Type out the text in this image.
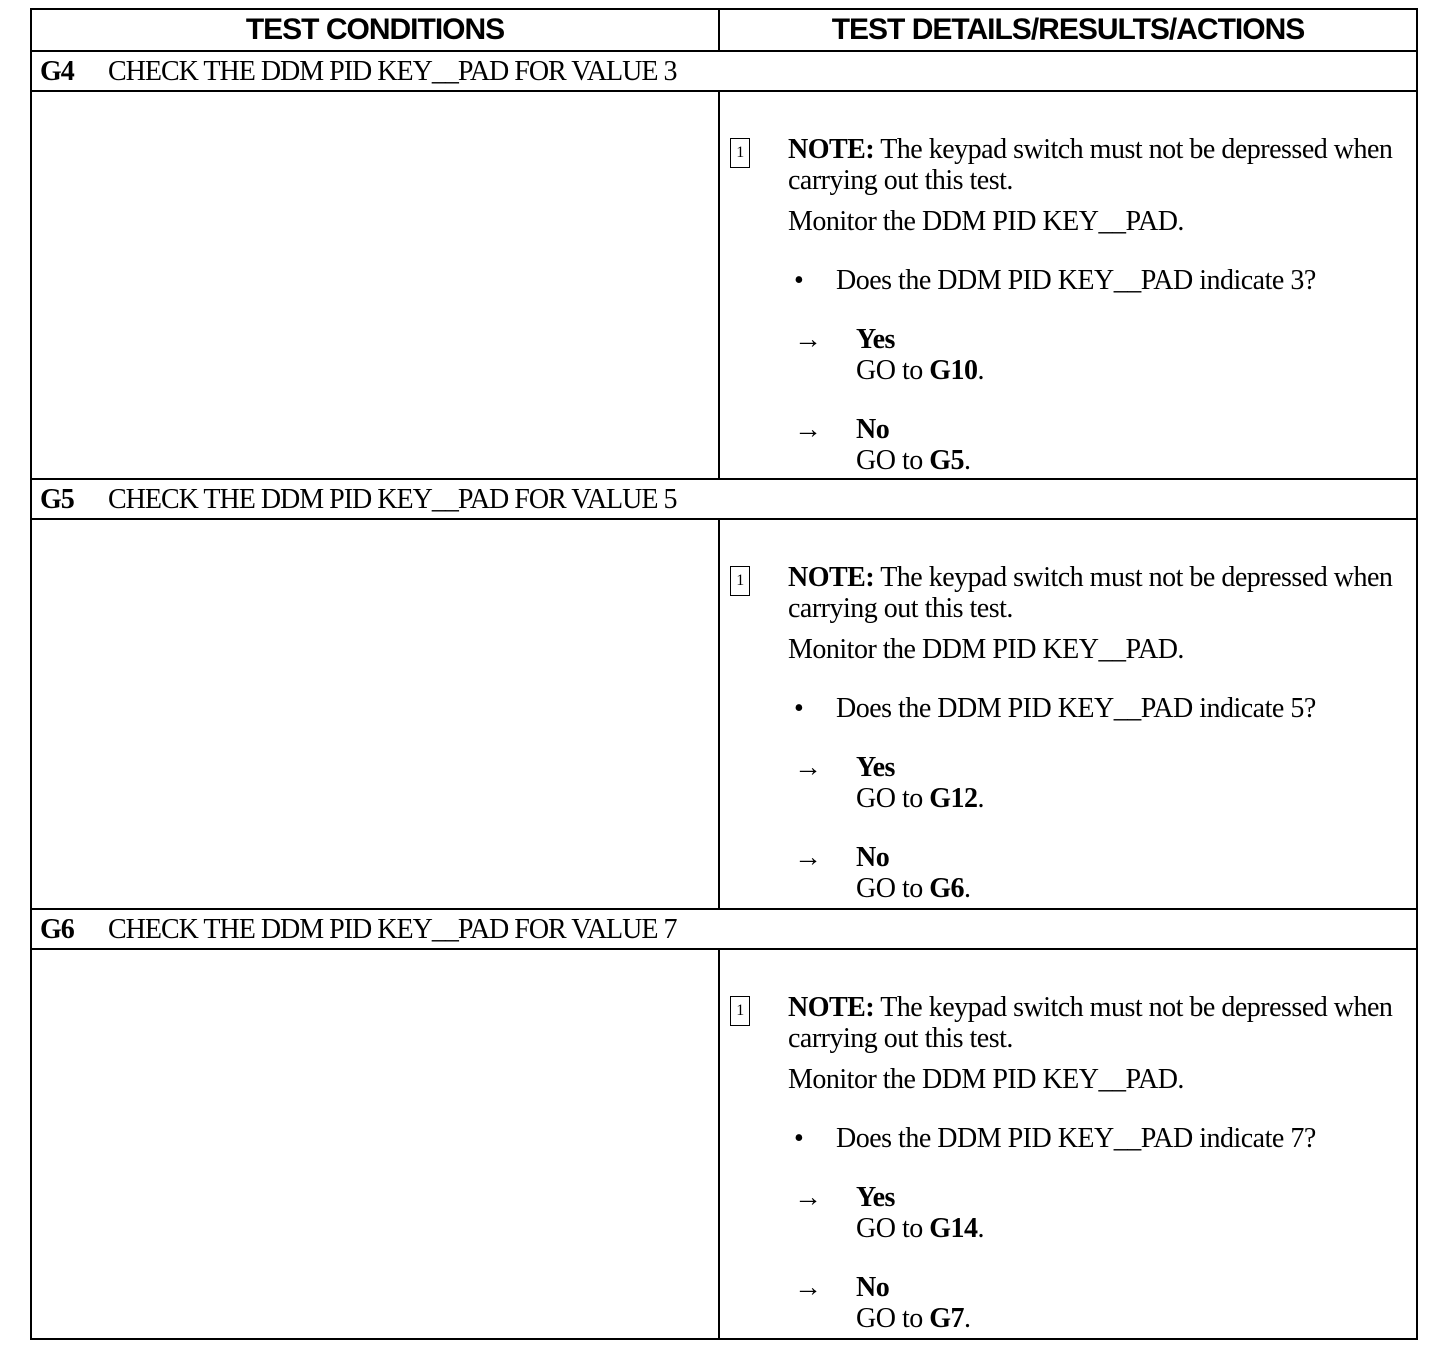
TEST CONDITIONS	TEST DETAILS/RESULTS/ACTIONS
G4 CHECK THE DDM PID KEY__PAD FOR VALUE 3
1 NOTE: The keypad switch must not be depressed when carrying out this test.
Monitor the DDM PID KEY__PAD.
•	Does the DDM PID KEY__PAD indicate 3?
→	Yes
GO to G10.
→	No
GO to G5.
G5 CHECK THE DDM PID KEY__PAD FOR VALUE 5
1 NOTE: The keypad switch must not be depressed when carrying out this test.
Monitor the DDM PID KEY__PAD.
•	Does the DDM PID KEY__PAD indicate 5?
→	Yes
GO to G12.
→	No
GO to G6.
G6 CHECK THE DDM PID KEY__PAD FOR VALUE 7
1 NOTE: The keypad switch must not be depressed when carrying out this test.
Monitor the DDM PID KEY__PAD.
•	Does the DDM PID KEY__PAD indicate 7?
→	Yes
GO to G14.
→	No
GO to G7.
